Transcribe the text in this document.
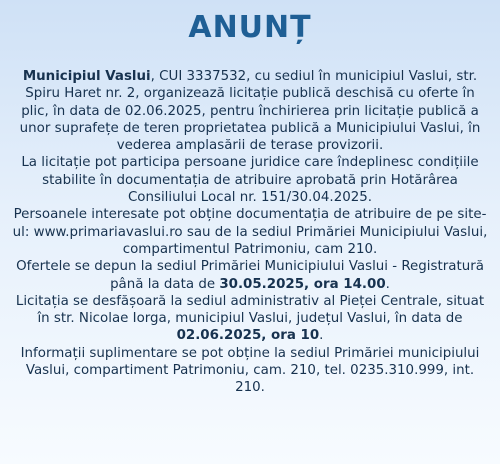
ANUNȚ

Municipiul Vaslui, CUI 3337532, cu sediul în municipiul Vaslui, str. Spiru Haret nr. 2, organizează licitație publică deschisă cu oferte în plic, în data de 02.06.2025, pentru închirierea prin licitație publică a unor suprafețe de teren proprietatea publică a Municipiului Vaslui, în vederea amplasării de terase provizorii.

La licitație pot participa persoane juridice care îndeplinesc condițiile stabilite în documentația de atribuire aprobată prin Hotărârea Consiliului Local nr. 151/30.04.2025.

Persoanele interesate pot obține documentația de atribuire de pe site-ul: www.primariavaslui.ro sau de la sediul Primăriei Municipiului Vaslui, compartimentul Patrimoniu, cam 210.

Ofertele se depun la sediul Primăriei Municipiului Vaslui - Registratură până la data de 30.05.2025, ora 14.00.

Licitația se desfășoară la sediul administrativ al Pieței Centrale, situat în str. Nicolae Iorga, municipiul Vaslui, județul Vaslui, în data de 02.06.2025, ora 10.

Informații suplimentare se pot obține la sediul Primăriei municipiului Vaslui, compartiment Patrimoniu, cam. 210, tel. 0235.310.999, int. 210.
